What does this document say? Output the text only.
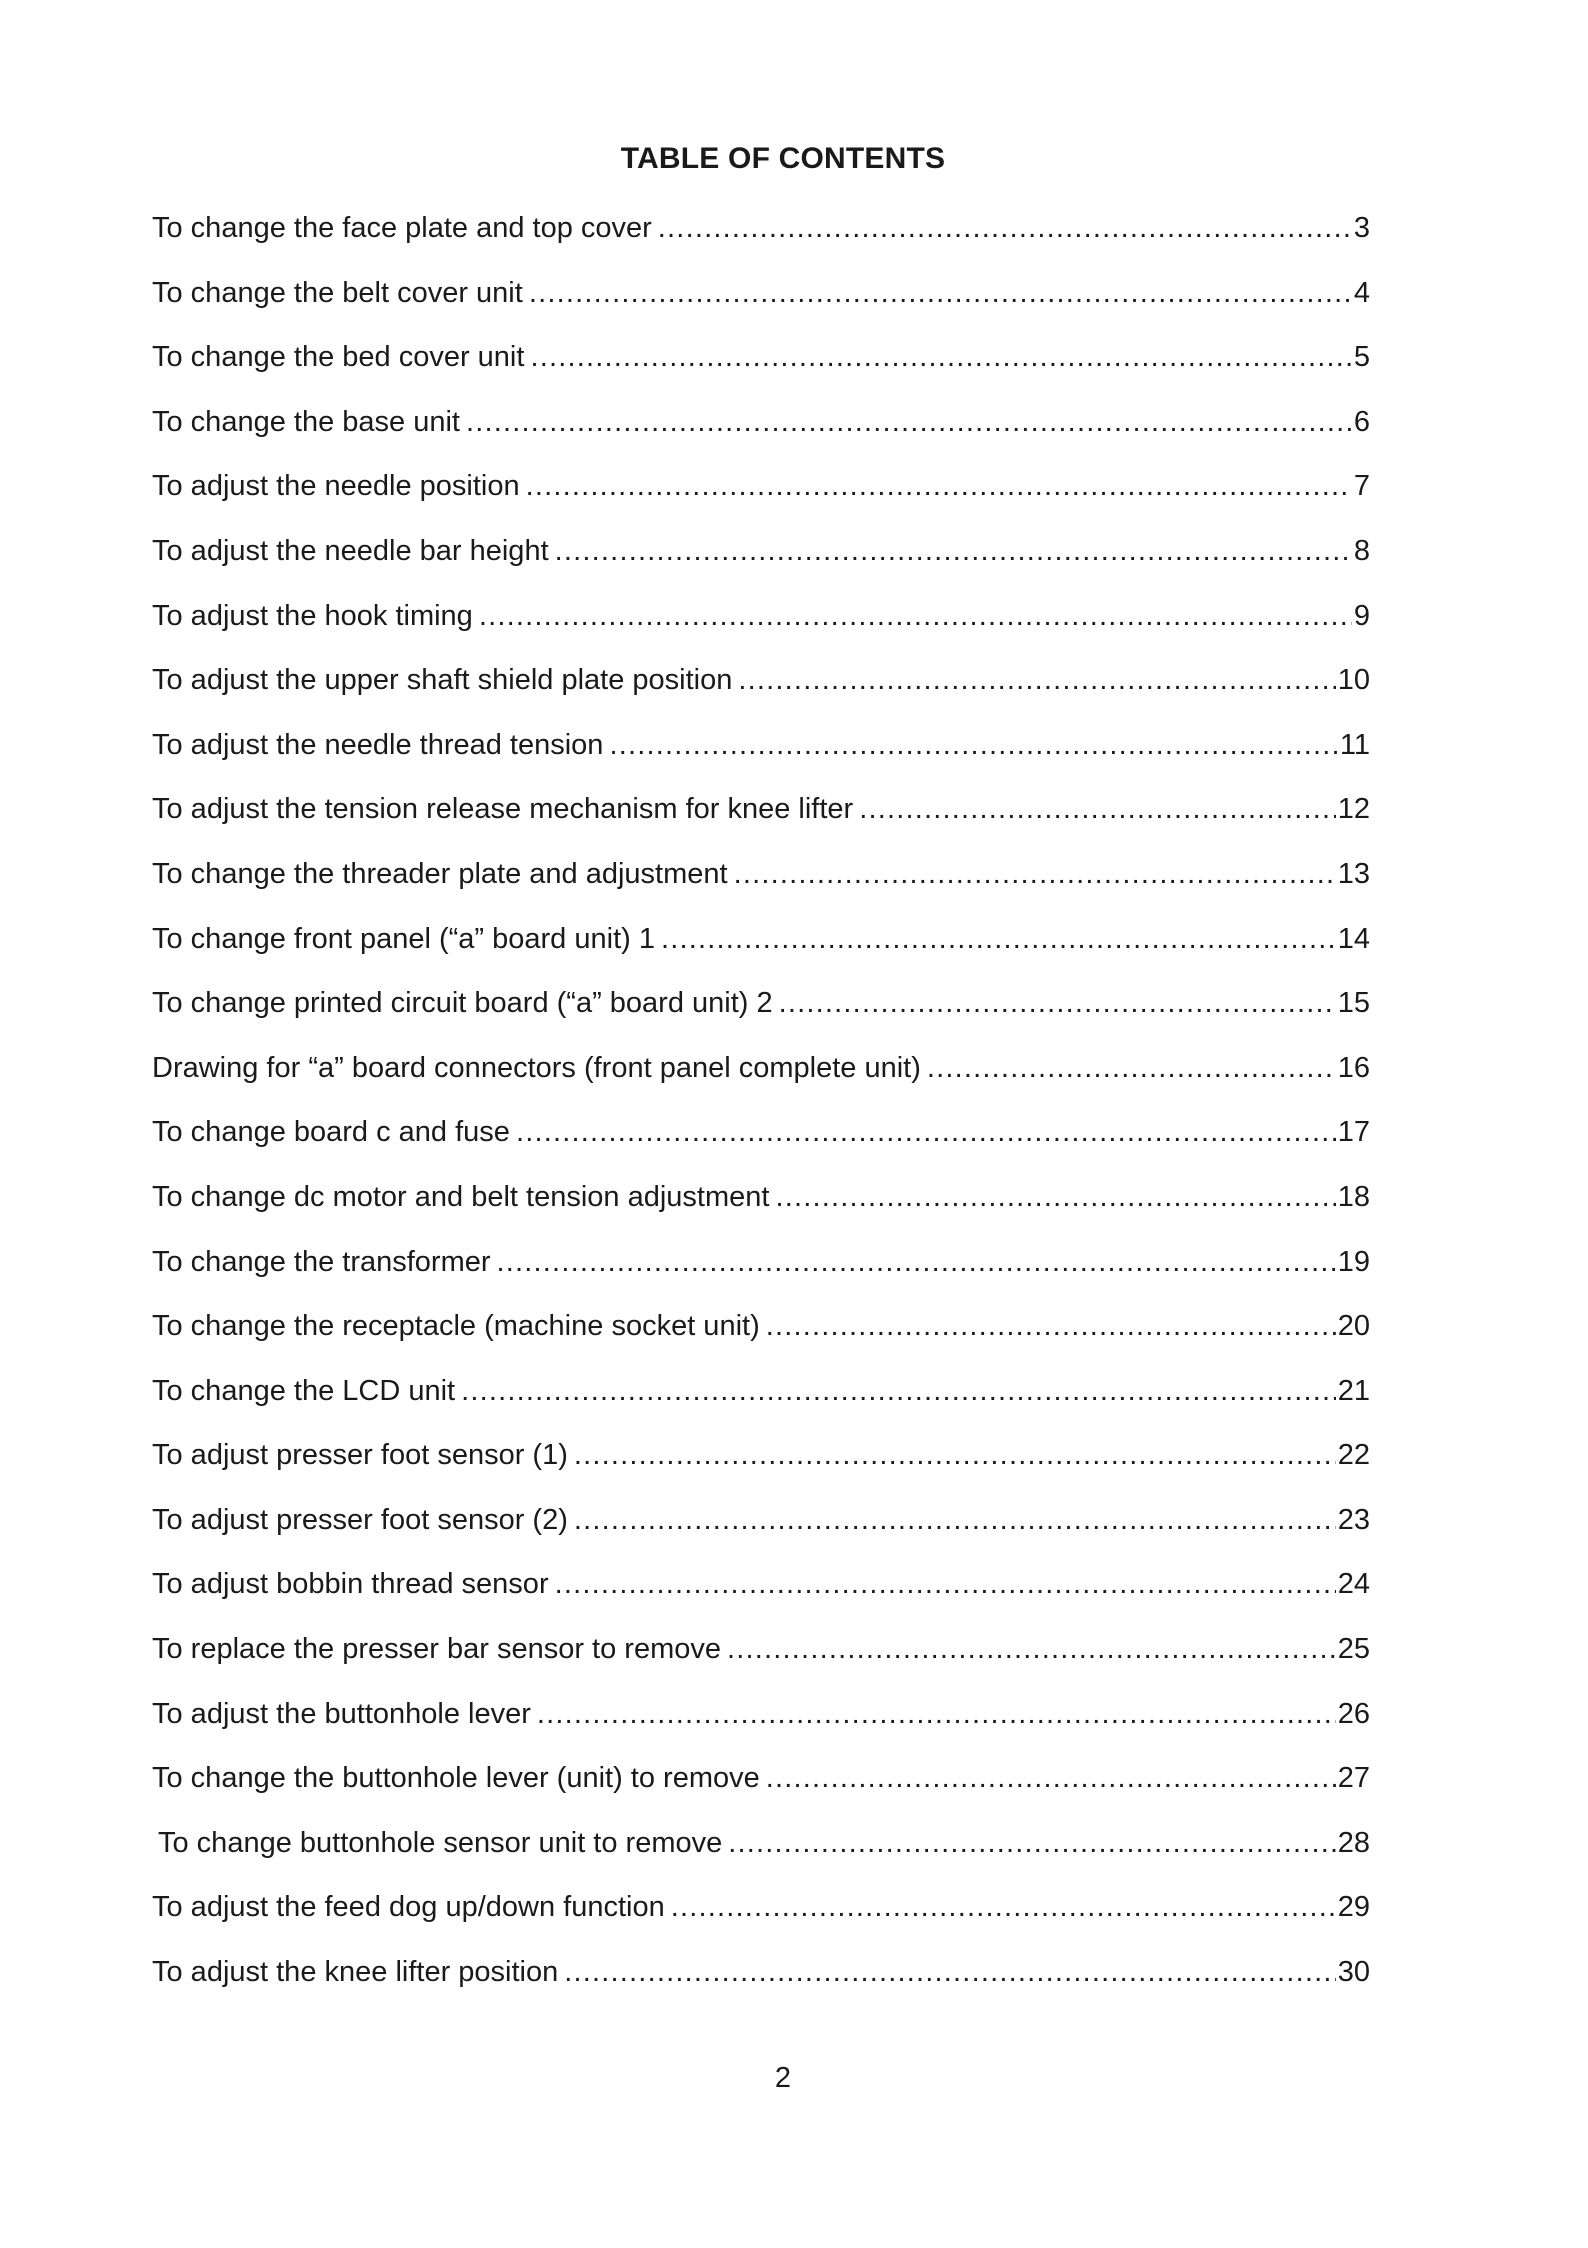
TABLE OF CONTENTS
To change the face plate and top cover .....	3
To change the belt cover unit .....	4
To change the bed cover unit .....	5
To change the base unit .....	6
To adjust the needle position .....	7
To adjust the needle bar height .....	8
To adjust the hook timing .....	9
To adjust the upper shaft shield plate position .....	10
To adjust the needle thread tension .....	11
To adjust the tension release mechanism for knee lifter .....	12
To change the threader plate and adjustment .....	13
To change front panel (“a” board unit) 1 .....	14
To change printed circuit board (“a” board unit) 2 .....	15
Drawing for “a” board connectors (front panel complete unit) .....	16
To change board c and fuse .....	17
To change dc motor and belt tension adjustment .....	18
To change the transformer .....	19
To change the receptacle (machine socket unit) .....	20
To change the LCD unit .....	21
To adjust presser foot sensor (1) .....	22
To adjust presser foot sensor (2) .....	23
To adjust bobbin thread sensor .....	24
To replace the presser bar sensor to remove .....	25
To adjust the buttonhole lever .....	26
To change the buttonhole lever (unit) to remove .....	27
To change buttonhole sensor unit to remove .....	28
To adjust the feed dog up/down function .....	29
To adjust the knee lifter position .....	30
2
